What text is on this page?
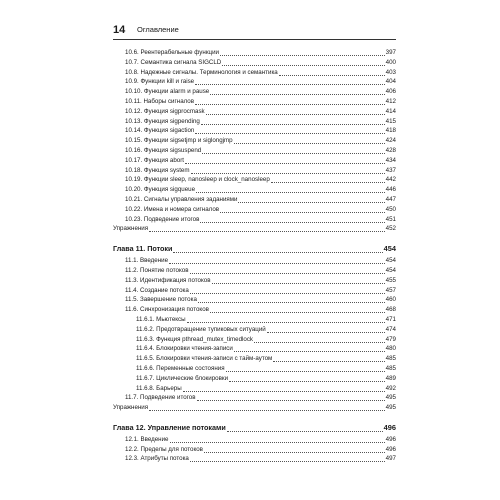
14 Оглавление
10.6. Реентерабельные функции	397
10.7. Семантика сигнала SIGCLD	400
10.8. Надежные сигналы. Терминология и семантика	403
10.9. Функции kill и raise	404
10.10. Функции alarm и pause	406
10.11. Наборы сигналов	412
10.12. Функция sigprocmask	414
10.13. Функция sigpending	415
10.14. Функция sigaction	418
10.15. Функции sigsetjmp и siglongjmp	424
10.16. Функция sigsuspend	428
10.17. Функция abort	434
10.18. Функция system	437
10.19. Функции sleep, nanosleep и clock_nanosleep	442
10.20. Функция sigqueue	446
10.21. Сигналы управления заданиями	447
10.22. Имена и номера сигналов	450
10.23. Подведение итогов	451
Упражнения	452
Глава 11. Потоки	454
11.1. Введение	454
11.2. Понятие потоков	454
11.3. Идентификация потоков	455
11.4. Создание потока	457
11.5. Завершение потока	460
11.6. Синхронизация потоков	468
11.6.1. Мьютексы	471
11.6.2. Предотвращение тупиковых ситуаций	474
11.6.3. Функция pthread_mutex_timedlock	479
11.6.4. Блокировки чтения-записи	480
11.6.5. Блокировки чтения-записи с тайм-аутом	485
11.6.6. Переменные состояния	485
11.6.7. Циклические блокировки	489
11.6.8. Барьеры	492
11.7. Подведение итогов	495
Упражнения	495
Глава 12. Управление потоками	496
12.1. Введение	496
12.2. Пределы для потоков	496
12.3. Атрибуты потока	497
